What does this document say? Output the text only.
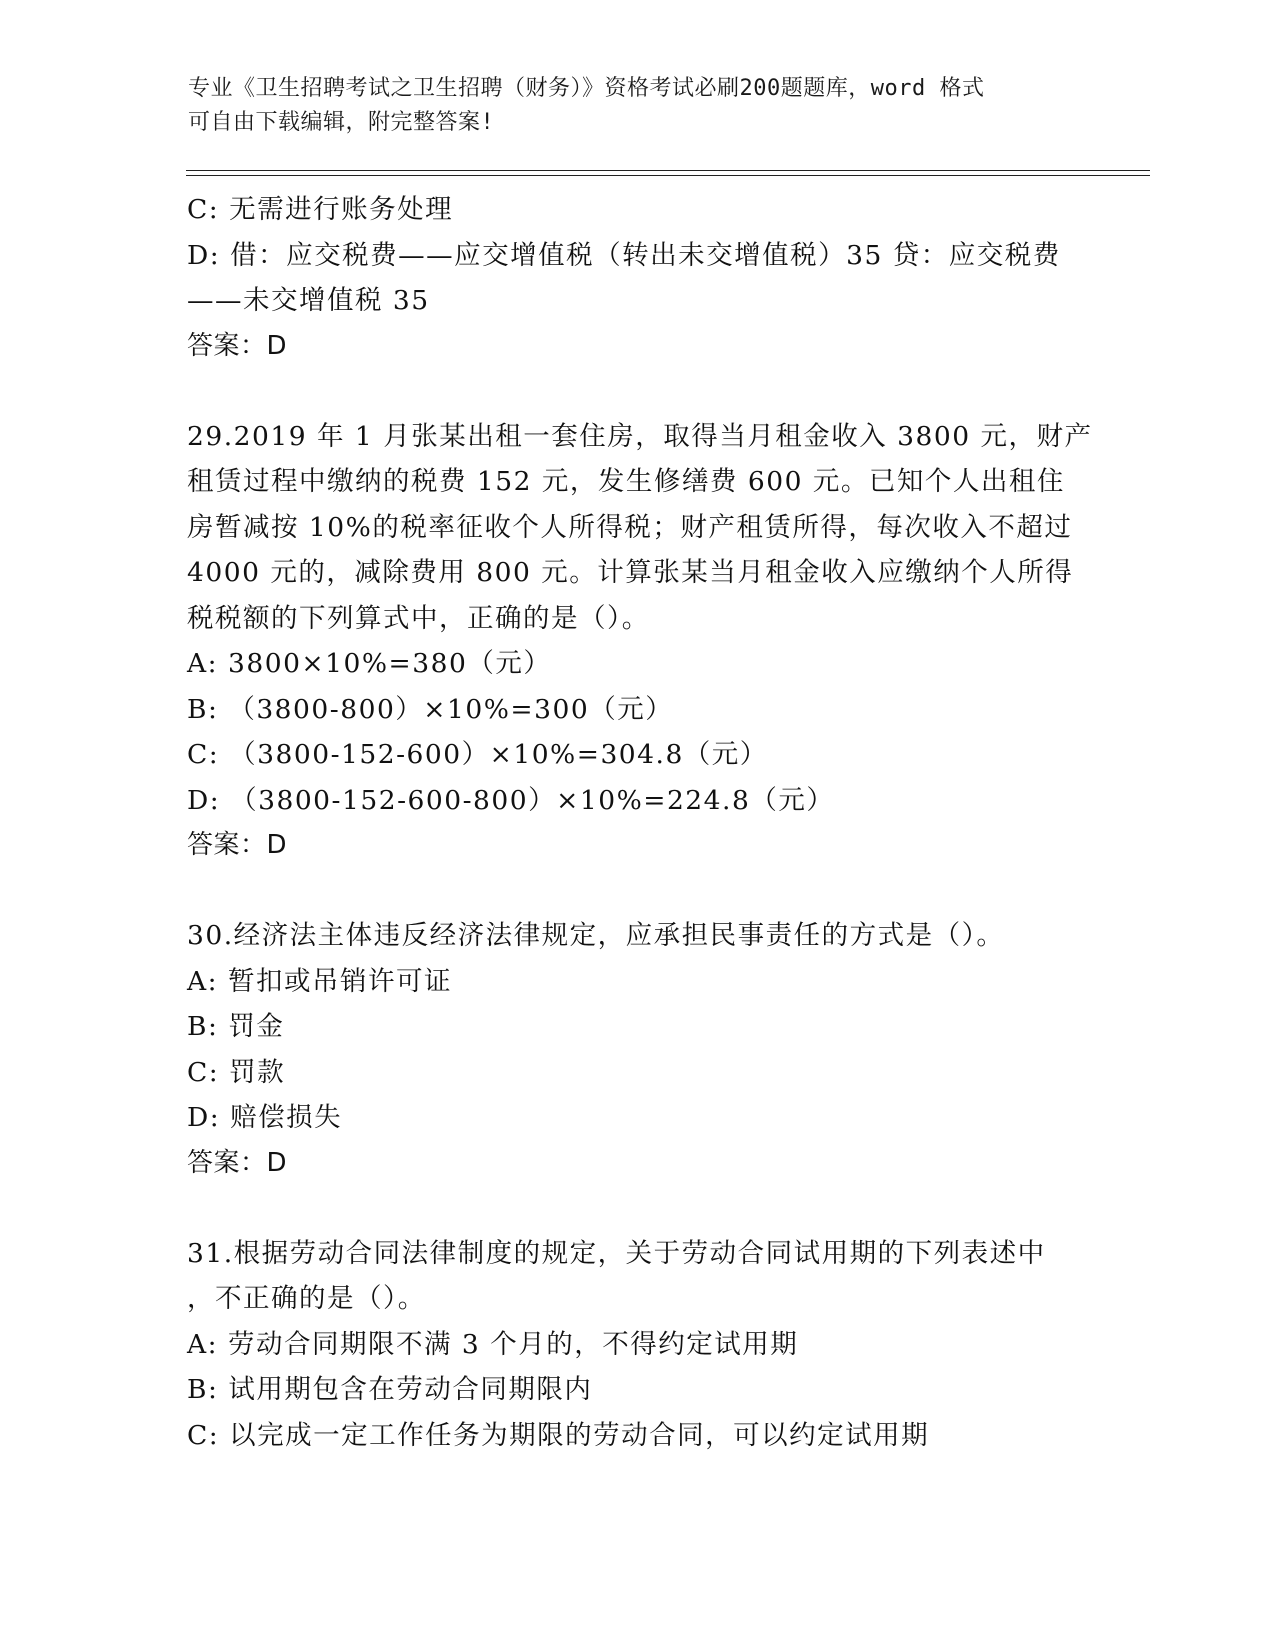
专业《卫生招聘考试之卫生招聘（财务）》资格考试必刷200题题库，word 格式
可自由下载编辑，附完整答案!

C: 无需进行账务处理

D: 借：应交税费——应交增值税（转出未交增值税）35 贷：应交税费

——未交增值税 35

答案：D

29.2019 年 1 月张某出租一套住房，取得当月租金收入 3800 元，财产

租赁过程中缴纳的税费 152 元，发生修缮费 600 元。已知个人出租住

房暂减按 10%的税率征收个人所得税；财产租赁所得，每次收入不超过

4000 元的，减除费用 800 元。计算张某当月租金收入应缴纳个人所得

税税额的下列算式中，正确的是（）。

A: 3800×10%=380（元）

B: （3800-800）×10%=300（元）

C: （3800-152-600）×10%=304.8（元）

D: （3800-152-600-800）×10%=224.8（元）

答案：D

30.经济法主体违反经济法律规定，应承担民事责任的方式是（）。

A: 暂扣或吊销许可证

B: 罚金

C: 罚款

D: 赔偿损失

答案：D

31.根据劳动合同法律制度的规定，关于劳动合同试用期的下列表述中

，不正确的是（）。

A: 劳动合同期限不满 3 个月的，不得约定试用期

B: 试用期包含在劳动合同期限内

C: 以完成一定工作任务为期限的劳动合同，可以约定试用期
